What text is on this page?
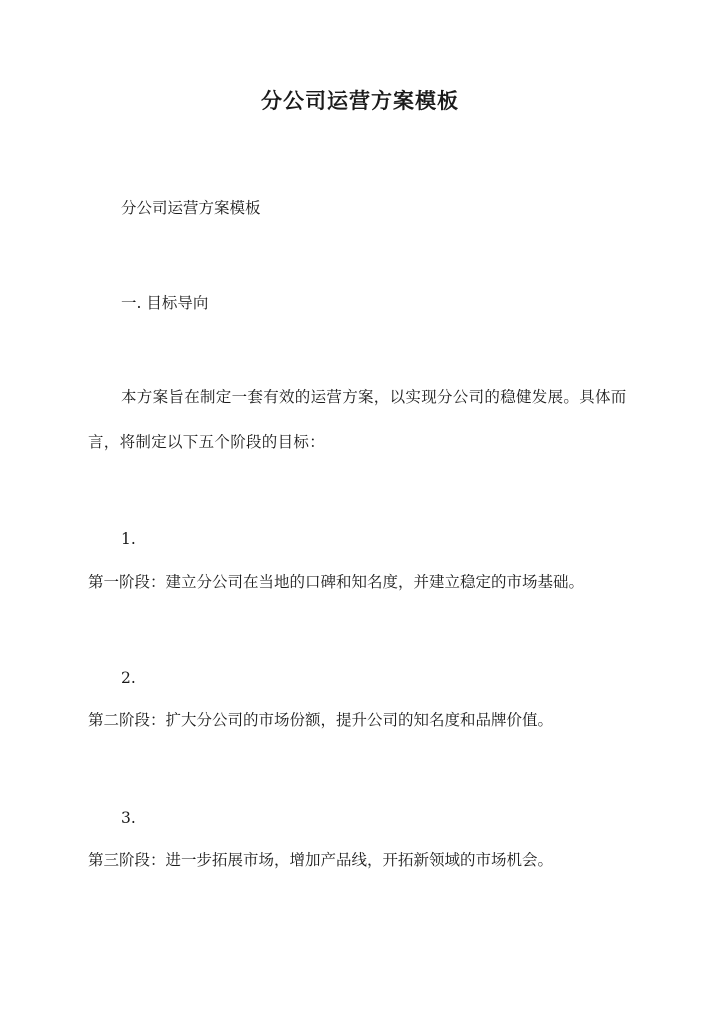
分公司运营方案模板
分公司运营方案模板
一. 目标导向
本方案旨在制定一套有效的运营方案，以实现分公司的稳健发展。具体而言，将制定以下五个阶段的目标：
1.
第一阶段：建立分公司在当地的口碑和知名度，并建立稳定的市场基础。
2.
第二阶段：扩大分公司的市场份额，提升公司的知名度和品牌价值。
3.
第三阶段：进一步拓展市场，增加产品线，开拓新领域的市场机会。
